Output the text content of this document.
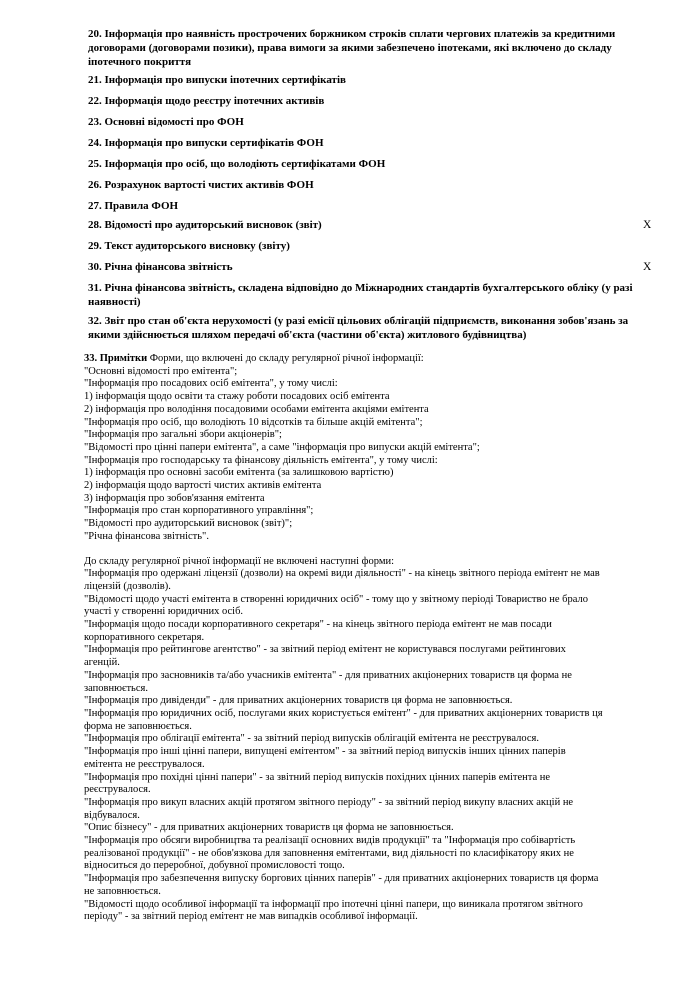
20. Інформація про наявність прострочених боржником строків сплати чергових платежів за кредитними договорами (договорами позики), права вимоги за якими забезпечено іпотеками, які включено до складу іпотечного покриття
21. Інформація про випуски іпотечних сертифікатів
22. Інформація щодо реєстру іпотечних активів
23. Основні відомості про ФОН
24. Інформація про випуски сертифікатів ФОН
25. Інформація про осіб, що володіють сертифікатами ФОН
26. Розрахунок вартості чистих активів ФОН
27. Правила ФОН
28. Відомості про аудиторський висновок (звіт)	X
29. Текст аудиторського висновку (звіту)
30. Річна фінансова звітність	X
31. Річна фінансова звітність, складена відповідно до Міжнародних стандартів бухгалтерського обліку (у разі наявності)
32. Звіт про стан об'єкта нерухомості (у разі емісії цільових облігацій підприємств, виконання зобов'язань за якими здійснюється шляхом передачі об'єкта (частини об'єкта) житлового будівництва)
33. Примітки Форми, що включені до складу регулярної річної інформації:
"Основні відомості про емітента";
"Інформація про посадових осіб емітента", у тому числі:
1) інформація щодо освіти та стажу роботи посадових осіб емітента
2) інформація про володіння посадовими особами емітента акціями емітента
"Інформація про осіб, що володіють 10 відсотків та більше акцій емітента";
"Інформація про загальні збори акціонерів";
"Відомості про цінні папери емітента", а саме "інформація про випуски акцій емітента";
"Інформація про господарську та фінансову діяльність емітента", у тому числі:
1) інформація про основні засоби емітента (за залишковою вартістю)
2) інформація щодо вартості чистих активів емітента
3) інформація про зобов'язання емітента
"Інформація про стан корпоративного управління";
"Відомості про аудиторський висновок (звіт)";
"Річна фінансова звітність".
До складу регулярної річної інформації не включені наступні форми:
"Інформація про одержані ліцензії (дозволи) на окремі види діяльності" - на кінець звітного періода емітент не мав
ліцензій (дозволів).
"Відомості щодо участі емітента в створенні юридичних осіб" - тому що у звітному періоді Товариство не брало
участі у створенні юридичних осіб.
"Інформація щодо посади корпоративного секретаря" - на кінець звітного періода емітент не мав посади
корпоративного секретаря.
"Інформація про рейтингове агентство" - за звітний період емітент не користувався послугами рейтингових
агенцій.
"Інформація про засновників та/або учасників емітента" - для приватних акціонерних товариств ця форма не
заповнюється.
"Інформація про дивіденди" - для приватних акціонерних товариств ця форма не заповнюється.
"Інформація про юридичних осіб, послугами яких користується емітент" - для приватних акціонерних товариств ця
форма не заповнюється.
"Інформація про облігації емітента" - за звітний період випусків облігацій емітента не реєструвалося.
"Інформація про інші цінні папери, випущені емітентом" - за звітний період випусків інших цінних паперів
емітента не реєструвалося.
"Інформація про похідні цінні папери" - за звітний період випусків похідних цінних паперів емітента не
реєструвалося.
"Інформація про викуп власних акцій протягом звітного періоду" - за звітний період викупу власних акцій не
відбувалося.
"Опис бізнесу" - для приватних акціонерних товариств ця форма не заповнюється.
"Інформація про обсяги виробництва та реалізації основних видів продукції" та "Інформація про собівартість
реалізованої продукції" - не обов'язкова для заповнення емітентами, вид діяльності по класифікатору яких не
відноситься до переробної, добувної промисловості тощо.
"Інформація про забезпечення випуску боргових цінних паперів" - для приватних акціонерних товариств ця форма
не заповнюється.
"Відомості щодо особливої інформації та інформації про іпотечні цінні папери, що виникала протягом звітного
періоду" - за звітний період емітент не мав випадків особливої інформації.
